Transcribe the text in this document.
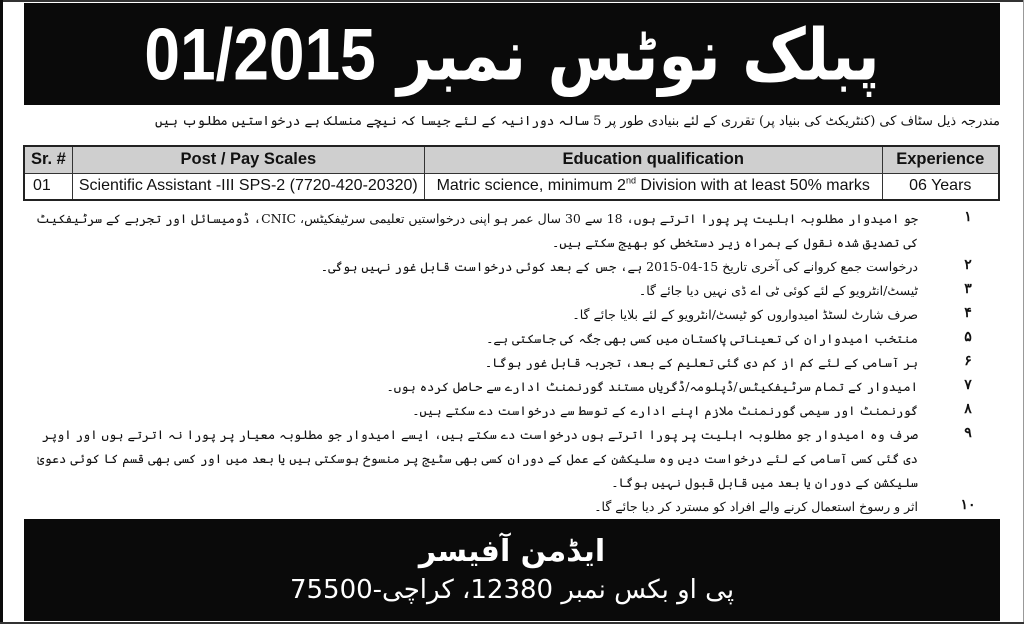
پبلک نوٹس نمبر 01/2015
مندرجہ ذیل سٹاف کی (کنٹریکٹ کی بنیاد پر) تقرری کے لئے بنیادی طور پر 5 سالہ دورانیہ کے لئے جیسا کہ نیچے منسلک ہے درخواستیں مطلوب ہیں
Sr. #	Post / Pay Scales	Education qualification	Experience
01	Scientific Assistant -III SPS-2 (7720-420-20320)	Matric science, minimum 2nd Division with at least 50% marks	06 Years
۱
جو امیدوار مطلوبہ اہلیت پر پورا اترتے ہوں، 18 سے 30 سال عمر ہو اپنی درخواستیں تعلیمی سرٹیفکیٹس، CNIC، ڈومیسائل اور تجربے کے سرٹیفکیٹ کی تصدیق شدہ نقول کے ہمراہ زیر دستخطی کو بھیج سکتے ہیں۔
۲
درخواست جمع کروانے کی آخری تاریخ 15-04-2015 ہے، جس کے بعد کوئی درخواست قابل غور نہیں ہوگی۔
۳
ٹیسٹ/انٹرویو کے لئے کوئی ٹی اے ڈی نہیں دیا جائے گا۔
۴
صرف شارٹ لسٹڈ امیدواروں کو ٹیسٹ/انٹرویو کے لئے بلایا جائے گا۔
۵
منتخب امیدواران کی تعیناتی پاکستان میں کسی بھی جگہ کی جاسکتی ہے۔
۶
ہر آسامی کے لئے کم از کم دی گئی تعلیم کے بعد، تجربہ قابل غور ہوگا۔
۷
امیدوار کے تمام سرٹیفکیٹس/ڈپلومہ/ڈگریاں مستند گورنمنٹ ادارے سے حاصل کردہ ہوں۔
۸
گورنمنٹ اور سیمی گورنمنٹ ملازم اپنے ادارے کے توسط سے درخواست دے سکتے ہیں۔
۹
صرف وہ امیدوار جو مطلوبہ اہلیت پر پورا اترتے ہوں درخواست دے سکتے ہیں، ایسے امیدوار جو مطلوبہ معیار پر پورا نہ اترتے ہوں اور اوپر دی گئی کسی آسامی کے لئے درخواست دیں وہ سلیکشن کے عمل کے دوران کسی بھی سٹیج پر منسوخ ہوسکتی ہیں یا بعد میں اور کسی بھی قسم کا کوئی دعویٰ سلیکشن کے دوران یا بعد میں قابل قبول نہیں ہوگا۔
۱۰
اثر و رسوخ استعمال کرنے والے افراد کو مسترد کر دیا جائے گا۔
ایڈمن آفیسر
پی او بکس نمبر 12380، کراچی-75500
